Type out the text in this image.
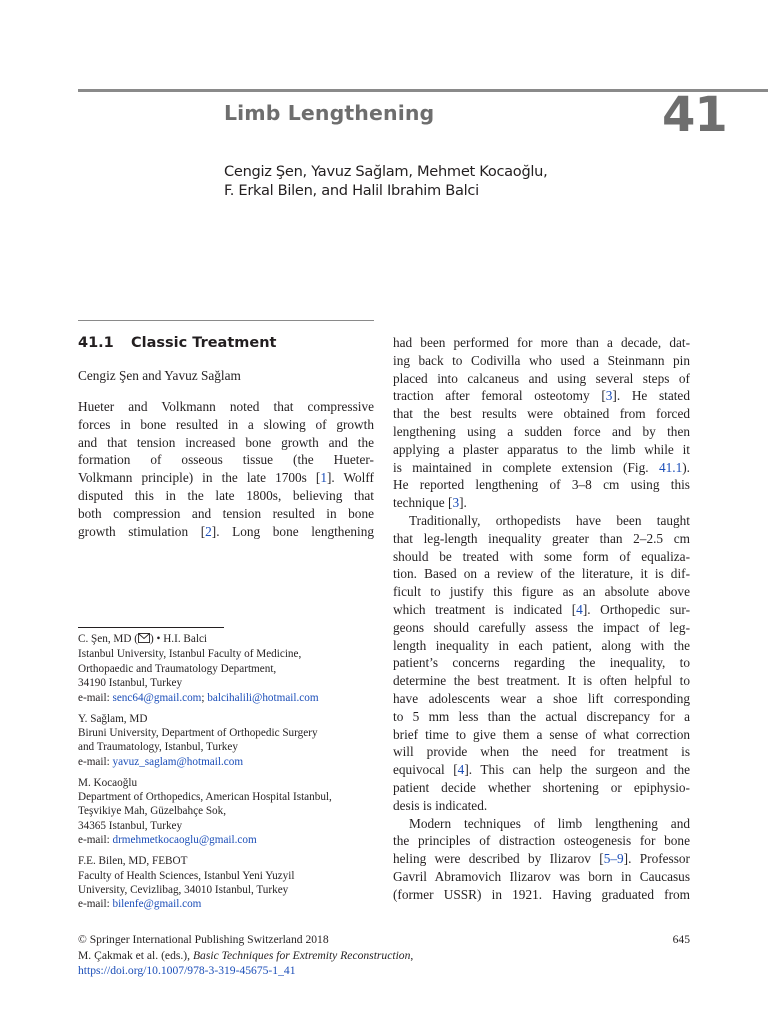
Limb Lengthening	41
Cengiz Şen, Yavuz Sağlam, Mehmet Kocaoğlu,
F. Erkal Bilen, and Halil Ibrahim Balci
41.1 Classic Treatment
Cengiz Şen and Yavuz Sağlam
Hueter and Volkmann noted that compressive
forces in bone resulted in a slowing of growth
and that tension increased bone growth and the
formation of osseous tissue (the Hueter-
Volkmann principle) in the late 1700s [1]. Wolff
disputed this in the late 1800s, believing that
both compression and tension resulted in bone
growth stimulation [2]. Long bone lengthening
C. Şen, MD ( ) • H.I. Balci
Istanbul University, Istanbul Faculty of Medicine,
Orthopaedic and Traumatology Department,
34190 Istanbul, Turkey
e-mail: senc64@gmail.com; balcihalili@hotmail.com
Y. Sağlam, MD
Biruni University, Department of Orthopedic Surgery
and Traumatology, Istanbul, Turkey
e-mail: yavuz_saglam@hotmail.com
M. Kocaoğlu
Department of Orthopedics, American Hospital Istanbul,
Teşvikiye Mah, Güzelbahçe Sok,
34365 Istanbul, Turkey
e-mail: drmehmetkocaoglu@gmail.com
F.E. Bilen, MD, FEBOT
Faculty of Health Sciences, Istanbul Yeni Yuzyil
University, Cevizlibag, 34010 Istanbul, Turkey
e-mail: bilenfe@gmail.com
had been performed for more than a decade, dat-
ing back to Codivilla who used a Steinmann pin
placed into calcaneus and using several steps of
traction after femoral osteotomy [3]. He stated
that the best results were obtained from forced
lengthening using a sudden force and by then
applying a plaster apparatus to the limb while it
is maintained in complete extension (Fig. 41.1).
He reported lengthening of 3–8 cm using this
technique [3].
Traditionally, orthopedists have been taught
that leg-length inequality greater than 2–2.5 cm
should be treated with some form of equaliza-
tion. Based on a review of the literature, it is dif-
ficult to justify this figure as an absolute above
which treatment is indicated [4]. Orthopedic sur-
geons should carefully assess the impact of leg-
length inequality in each patient, along with the
patient’s concerns regarding the inequality, to
determine the best treatment. It is often helpful to
have adolescents wear a shoe lift corresponding
to 5 mm less than the actual discrepancy for a
brief time to give them a sense of what correction
will provide when the need for treatment is
equivocal [4]. This can help the surgeon and the
patient decide whether shortening or epiphysio-
desis is indicated.
Modern techniques of limb lengthening and
the principles of distraction osteogenesis for bone
heling were described by Ilizarov [5–9]. Professor
Gavril Abramovich Ilizarov was born in Caucasus
(former USSR) in 1921. Having graduated from
© Springer International Publishing Switzerland 2018
M. Çakmak et al. (eds.), Basic Techniques for Extremity Reconstruction,
https://doi.org/10.1007/978-3-319-45675-1_41
645
